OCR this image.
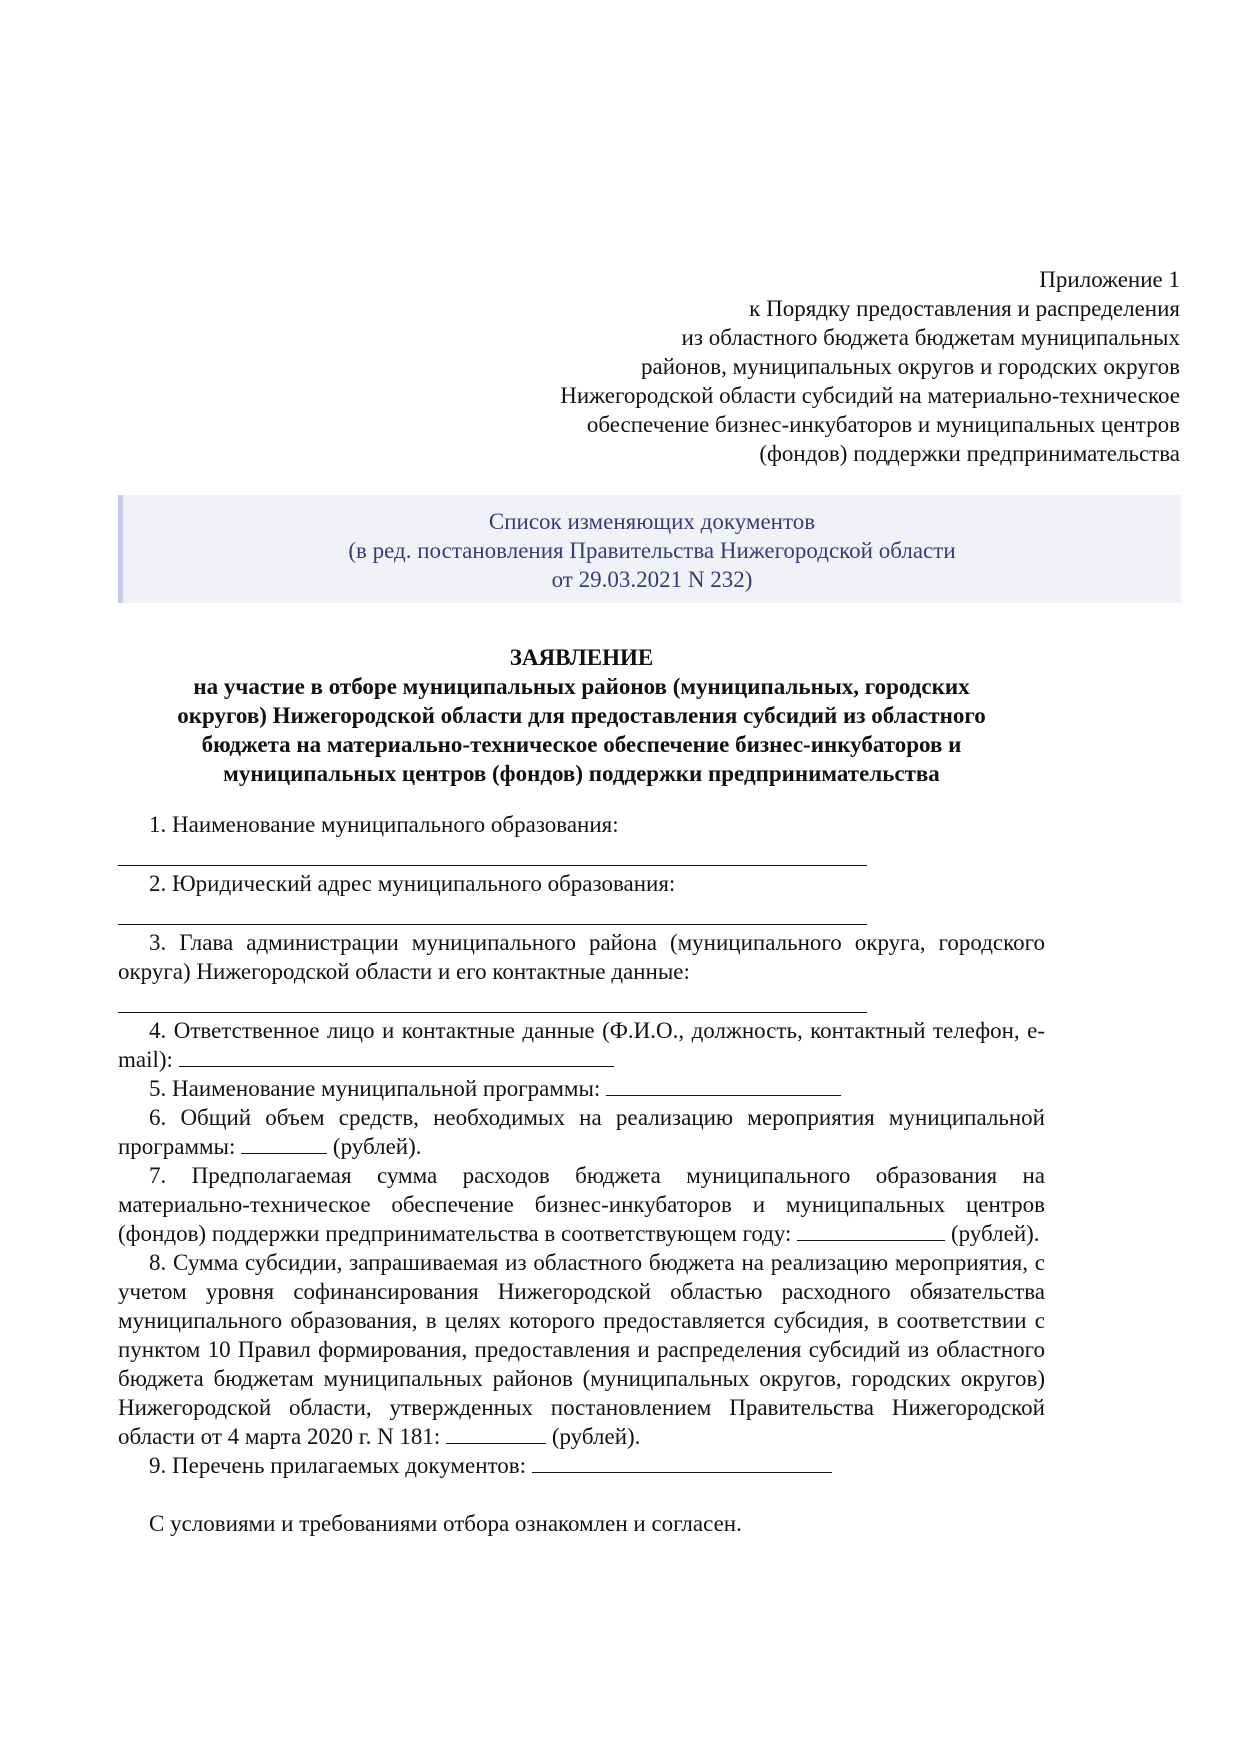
Приложение 1
к Порядку предоставления и распределения
из областного бюджета бюджетам муниципальных
районов, муниципальных округов и городских округов
Нижегородской области субсидий на материально-техническое
обеспечение бизнес-инкубаторов и муниципальных центров
(фондов) поддержки предпринимательства
Список изменяющих документов
(в ред. постановления Правительства Нижегородской области
от 29.03.2021 N 232)
ЗАЯВЛЕНИЕ
на участие в отборе муниципальных районов (муниципальных, городских
округов) Нижегородской области для предоставления субсидий из областного
бюджета на материально-техническое обеспечение бизнес-инкубаторов и
муниципальных центров (фондов) поддержки предпринимательства

1. Наименование муниципального образования:

2. Юридический адрес муниципального образования:

3. Глава администрации муниципального района (муниципального округа, городского округа) Нижегородской области и его контактные данные:

4. Ответственное лицо и контактные данные (Ф.И.О., должность, контактный телефон, e-mail):

5. Наименование муниципальной программы:

6. Общий объем средств, необходимых на реализацию мероприятия муниципальной программы:	(рублей).

7. Предполагаемая сумма расходов бюджета муниципального образования на материально-техническое обеспечение бизнес-инкубаторов и муниципальных центров (фондов) поддержки предпринимательства в соответствующем году:	(рублей).

8. Сумма субсидии, запрашиваемая из областного бюджета на реализацию мероприятия, с учетом уровня софинансирования Нижегородской областью расходного обязательства муниципального образования, в целях которого предоставляется субсидия, в соответствии с пунктом 10 Правил формирования, предоставления и распределения субсидий из областного бюджета бюджетам муниципальных районов (муниципальных округов, городских округов) Нижегородской области, утвержденных постановлением Правительства Нижегородской области от 4 марта 2020 г. N 181:	(рублей).

9. Перечень прилагаемых документов:

С условиями и требованиями отбора ознакомлен и согласен.
